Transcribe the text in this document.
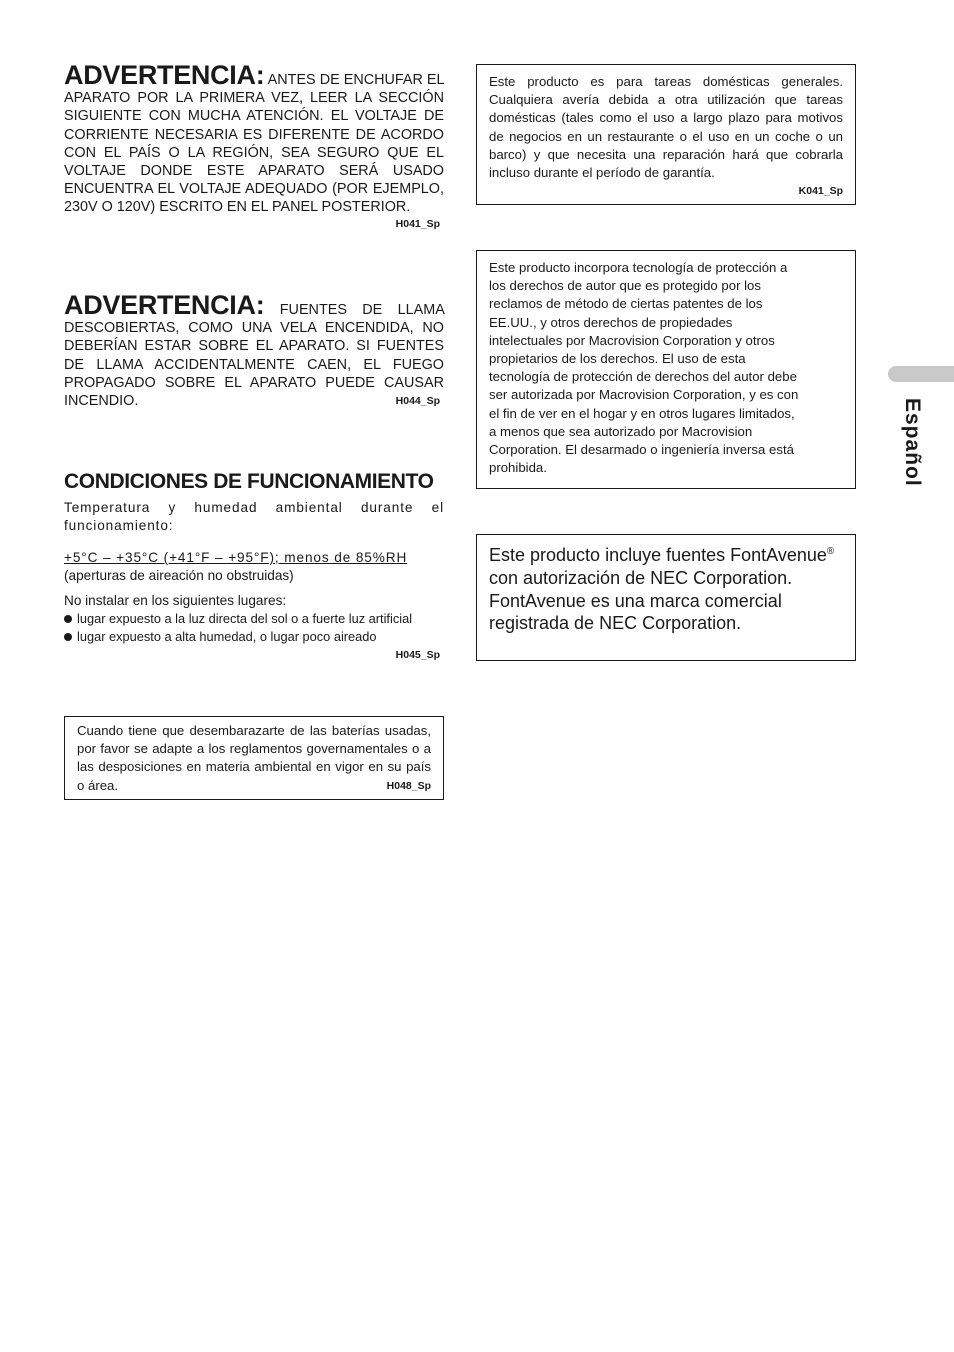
ADVERTENCIA: ANTES DE ENCHUFAR EL APARATO POR LA PRIMERA VEZ, LEER LA SECCIÓN SIGUIENTE CON MUCHA ATENCIÓN. EL VOLTAJE DE CORRIENTE NECESARIA ES DIFERENTE DE ACORDO CON EL PAÍS O LA REGIÓN, SEA SEGURO QUE EL VOLTAJE DONDE ESTE APARATO SERÁ USADO ENCUENTRA EL VOLTAJE ADEQUADO (POR EJEMPLO, 230V O 120V) ESCRITO EN EL PANEL POSTERIOR.
H041_Sp
ADVERTENCIA: FUENTES DE LLAMA DESCOBIERTAS, COMO UNA VELA ENCENDIDA, NO DEBERÍAN ESTAR SOBRE EL APARATO. SI FUENTES DE LLAMA ACCIDENTALMENTE CAEN, EL FUEGO PROPAGADO SOBRE EL APARATO PUEDE CAUSAR INCENDIO.	H044_Sp
CONDICIONES DE FUNCIONAMIENTO
Temperatura y humedad ambiental durante el funcionamiento:
+5°C – +35°C (+41°F – +95°F); menos de 85%RH
(aperturas de aireación no obstruidas)
No instalar en los siguientes lugares:
lugar expuesto a la luz directa del sol o a fuerte luz artificial
lugar expuesto a alta humedad, o lugar poco aireado
H045_Sp
Cuando tiene que desembarazarte de las baterías usadas, por favor se adapte a los reglamentos governamentales o a las desposiciones en materia ambiental en vigor en su país o área.	H048_Sp
Este producto es para tareas domésticas generales. Cualquiera avería debida a otra utilización que tareas domésticas (tales como el uso a largo plazo para motivos de negocios en un restaurante o el uso en un coche o un barco) y que necesita una reparación hará que cobrarla incluso durante el período de garantía.
K041_Sp
Este producto incorpora tecnología de protección a
los derechos de autor que es protegido por los
reclamos de método de ciertas patentes de los
EE.UU., y otros derechos de propiedades
intelectuales por Macrovision Corporation y otros
propietarios de los derechos. El uso de esta
tecnología de protección de derechos del autor debe
ser autorizada por Macrovision Corporation, y es con
el fin de ver en el hogar y en otros lugares limitados,
a menos que sea autorizado por Macrovision
Corporation. El desarmado o ingeniería inversa está
prohibida.
Este producto incluye fuentes FontAvenue® con autorización de NEC Corporation. FontAvenue es una marca comercial registrada de NEC Corporation.
Español
